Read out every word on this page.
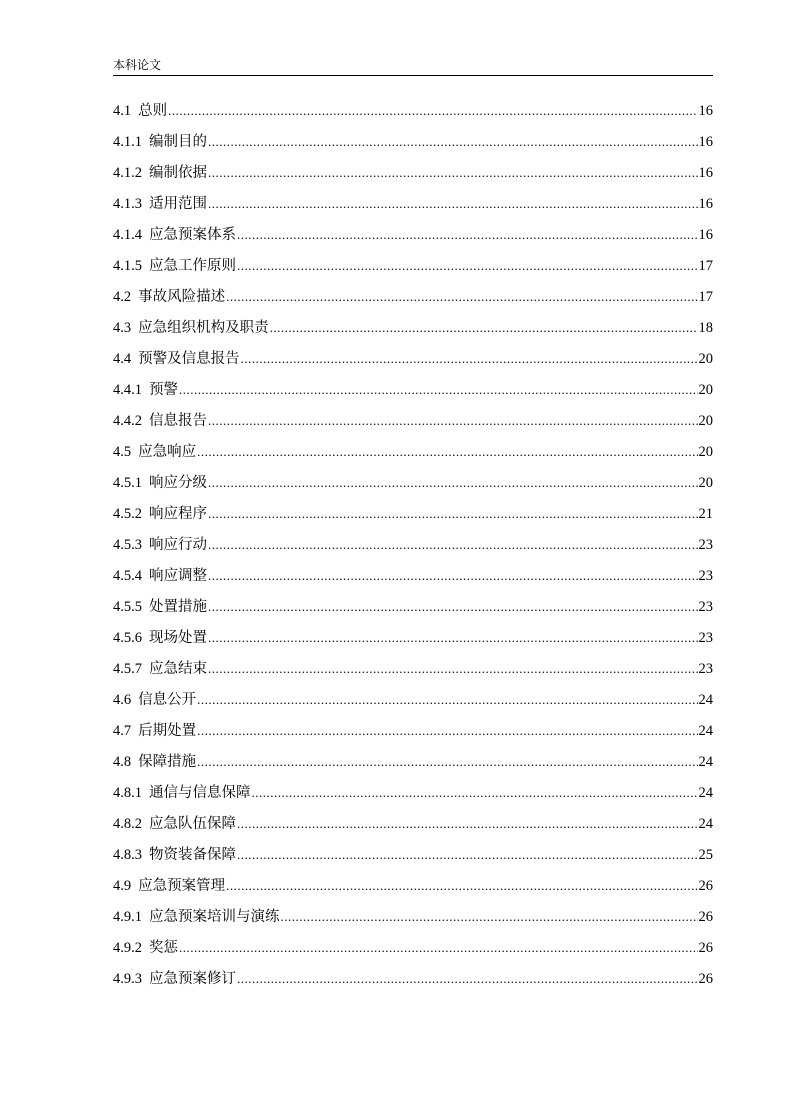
本科论文
4.1 总则 .....	16
4.1.1 编制目的 .....	16
4.1.2 编制依据 .....	16
4.1.3 适用范围 .....	16
4.1.4 应急预案体系 .....	16
4.1.5 应急工作原则 .....	17
4.2 事故风险描述 .....	17
4.3 应急组织机构及职责 .....	18
4.4 预警及信息报告 .....	20
4.4.1 预警 .....	20
4.4.2 信息报告 .....	20
4.5 应急响应 .....	20
4.5.1 响应分级 .....	20
4.5.2 响应程序 .....	21
4.5.3 响应行动 .....	23
4.5.4 响应调整 .....	23
4.5.5 处置措施 .....	23
4.5.6 现场处置 .....	23
4.5.7 应急结束 .....	23
4.6 信息公开 .....	24
4.7 后期处置 .....	24
4.8 保障措施 .....	24
4.8.1 通信与信息保障 .....	24
4.8.2 应急队伍保障 .....	24
4.8.3 物资装备保障 .....	25
4.9 应急预案管理 .....	26
4.9.1 应急预案培训与演练 .....	26
4.9.2 奖惩 .....	26
4.9.3 应急预案修订 .....	26
